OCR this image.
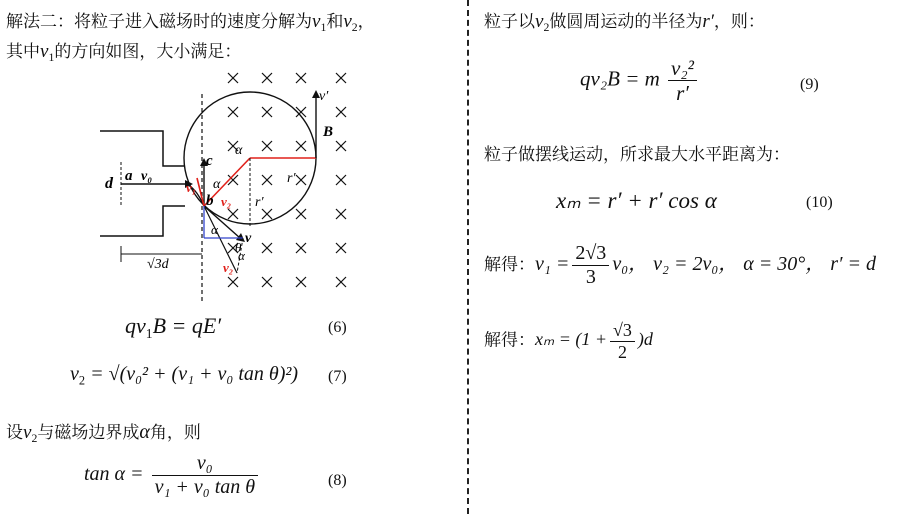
解法二：将粒子进入磁场时的速度分解为$v_1$和$v_2$，
其中$v_1$的方向如图，大小满足：
d a v₀
c
b
v₁
v₂
v₂
v
α
α
α
α
θ
r′
r′
B
v′
√3d
$qv_1B = qE'$	(6)
$v_2 = √(v_0^2 + (v_1 + v_0$ tan θ)²) (7)
设$v_2$与磁场边界成α角，则
$\tan \alpha = \frac{\text{v₀}}{\text{v₁ + v₀ tan θ}}$	(8)
粒子以$v_2$做圆周运动的半径为r′，则：
qv₂B = m $\frac{\text{v₂²}}{r'}$	(9)
粒子做摆线运动，所求最大水平距离为：
xₘ = r′ + r′ cos α	(10)
解得：$v_1 = \frac{2√3}{3} v_0$， v₂ = 2v₀， α = 30°， r′ = d
解得：$x_m = (1 + \frac{√3}{2} )d$
